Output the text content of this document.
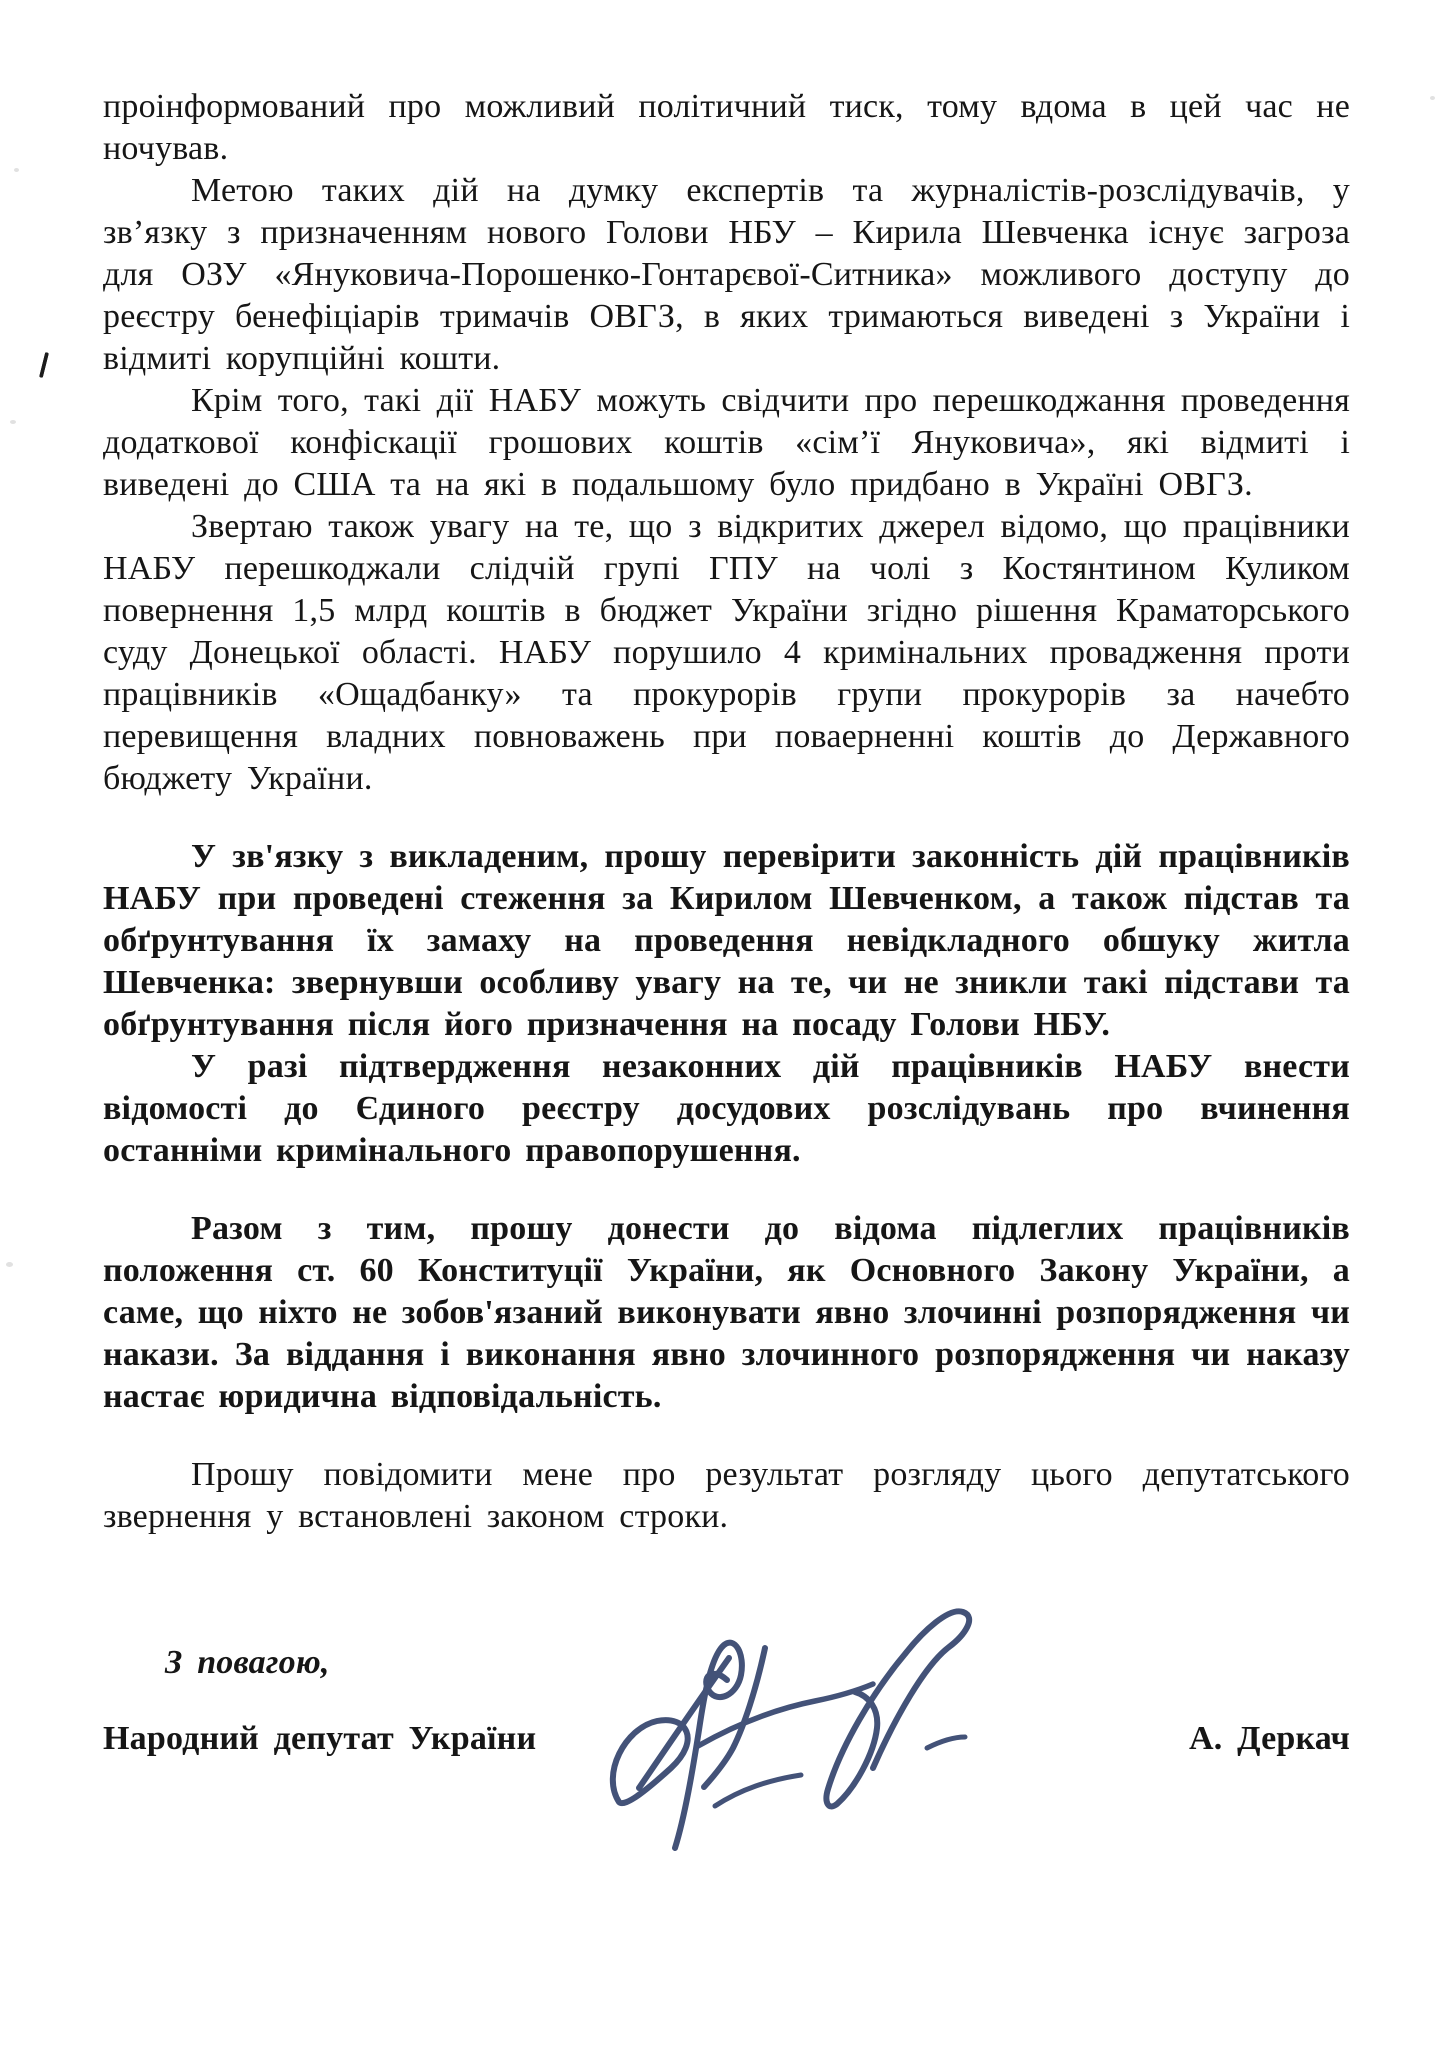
проінформований про можливий політичний тиск, тому вдома в цей час не ночував.

Метою таких дій на думку експертів та журналістів-розслідувачів, у зв’язку з призначенням нового Голови НБУ – Кирила Шевченка існує загроза для ОЗУ «Януковича-Порошенко-Гонтарєвої-Ситника» можливого доступу до реєстру бенефіціарів тримачів ОВГЗ, в яких тримаються виведені з України і відмиті корупційні кошти.

Крім того, такі дії НАБУ можуть свідчити про перешкоджання проведення додаткової конфіскації грошових коштів «сім’ї Януковича», які відмиті і виведені до США та на які в подальшому було придбано в Україні ОВГЗ.

Звертаю також увагу на те, що з відкритих джерел відомо, що працівники НАБУ перешкоджали слідчій групі ГПУ на чолі з Костянтином Куликом повернення 1,5 млрд коштів в бюджет України згідно рішення Краматорського суду Донецької області. НАБУ порушило 4 кримінальних провадження проти працівників «Ощадбанку» та прокурорів групи прокурорів за начебто перевищення владних повноважень при поваерненні коштів до Державного бюджету України.

У зв'язку з викладеним, прошу перевірити законність дій працівників НАБУ при проведені стеження за Кирилом Шевченком, а також підстав та обґрунтування їх замаху на проведення невідкладного обшуку житла Шевченка: звернувши особливу увагу на те, чи не зникли такі підстави та обґрунтування після його призначення на посаду Голови НБУ.

У разі підтвердження незаконних дій працівників НАБУ внести відомості до Єдиного реєстру досудових розслідувань про вчинення останніми кримінального правопорушення.

Разом з тим, прошу донести до відома підлеглих працівників положення ст. 60 Конституції України, як Основного Закону України, а саме, що ніхто не зобов'язаний виконувати явно злочинні розпорядження чи накази. За віддання і виконання явно злочинного розпорядження чи наказу настає юридична відповідальність.

Прошу повідомити мене про результат розгляду цього депутатського звернення у встановлені законом строки.

З повагою,
Народний депутат України	А. Деркач
